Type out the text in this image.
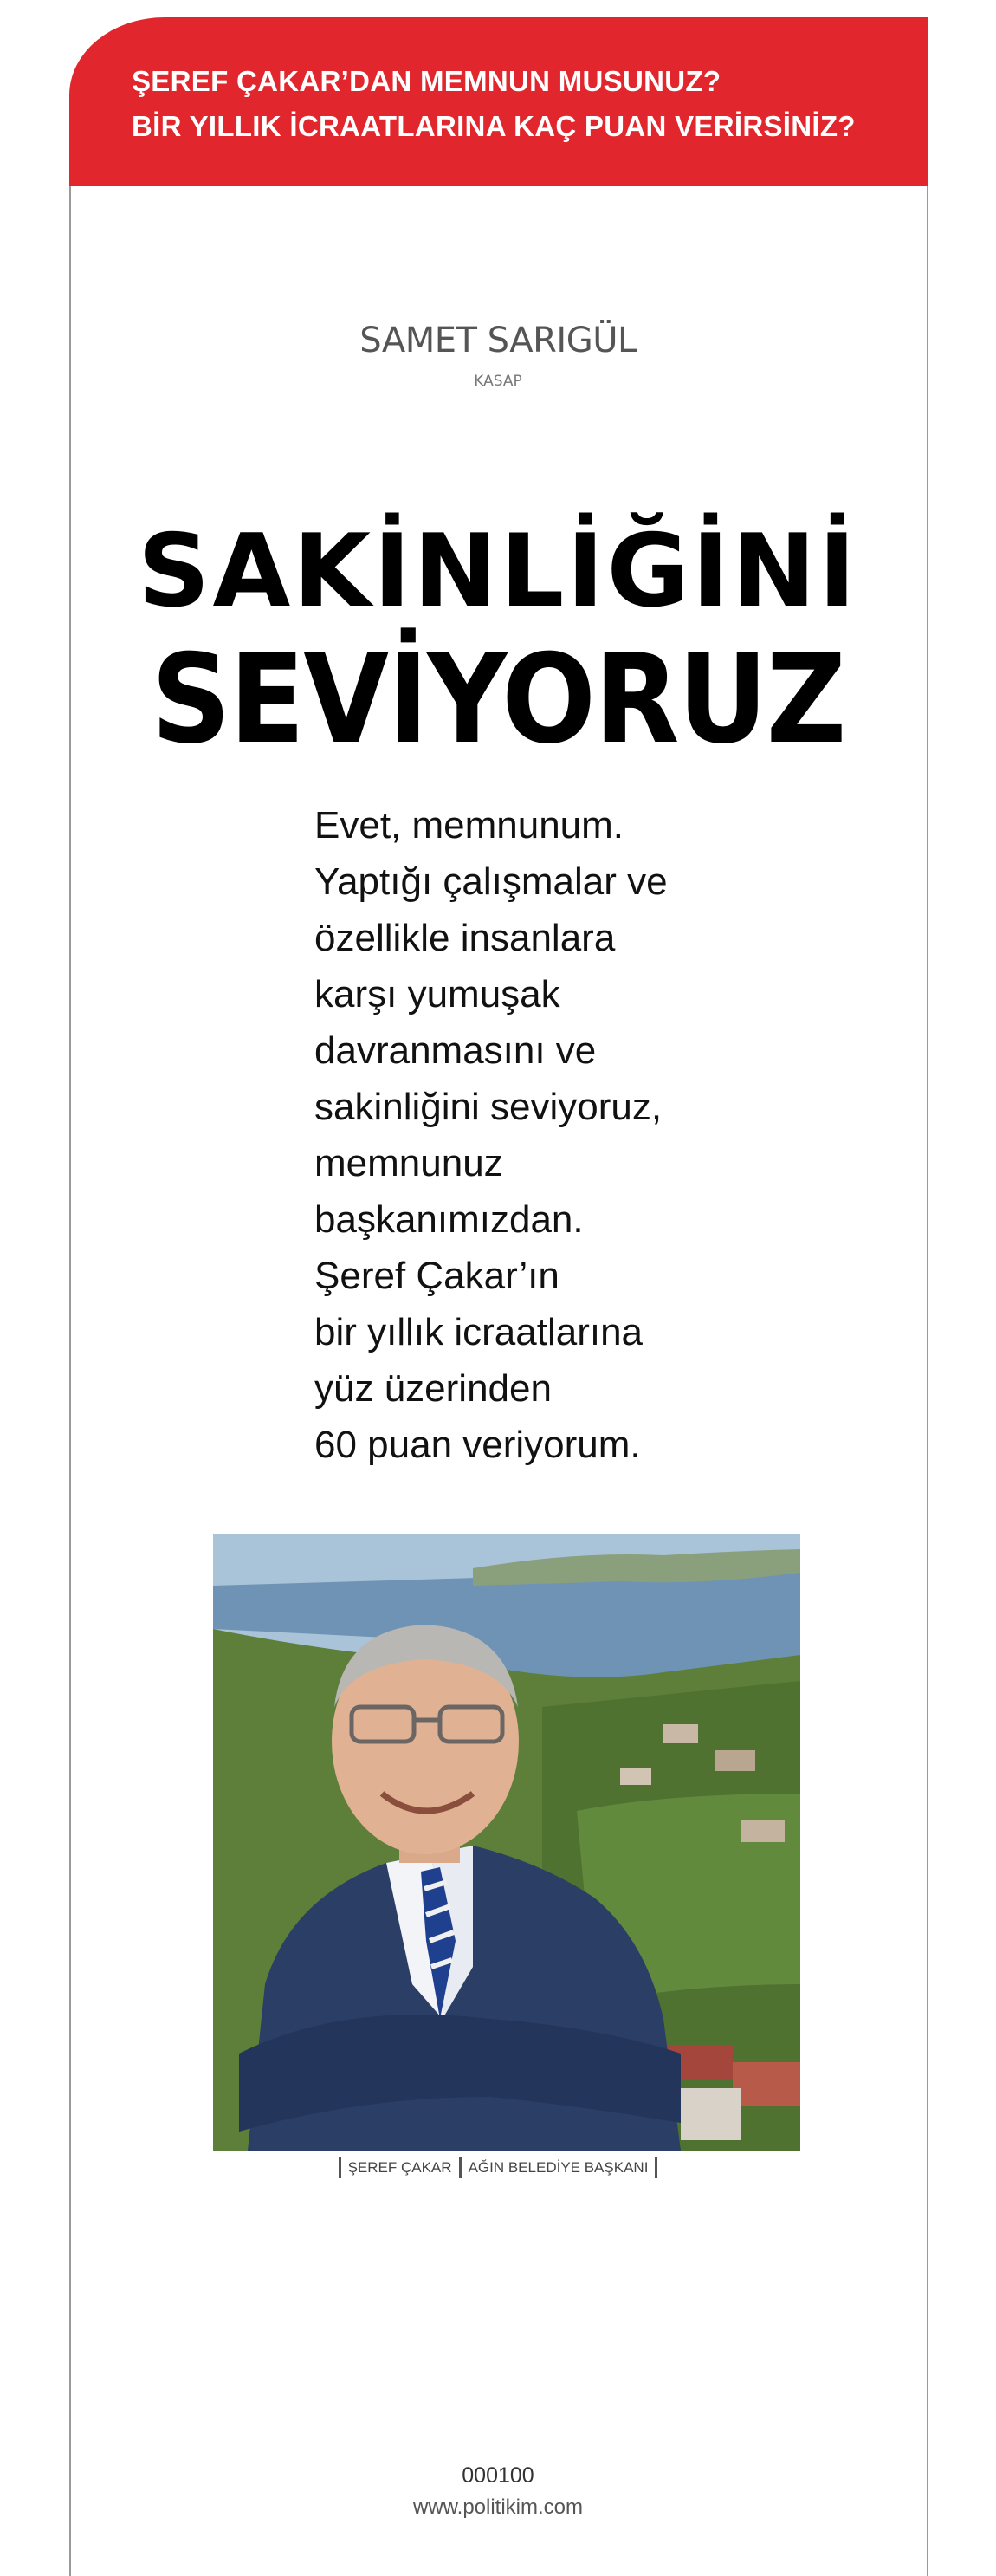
ŞEREF ÇAKAR’DAN MEMNUN MUSUNUZ?
BİR YILLIK İCRAATLARINA KAÇ PUAN VERİRSİNİZ?
SAMET SARIGÜL
KASAP
SAKİNLİĞİNİ
SEVİYORUZ
Evet, memnunum.
Yaptığı çalışmalar ve
özellikle insanlara
karşı yumuşak
davranmasını ve
sakinliğini seviyoruz,
memnunuz
başkanımızdan.
Şeref Çakar’ın
bir yıllık icraatlarına
yüz üzerinden
60 puan veriyorum.
ŞEREF ÇAKAR AĞIN BELEDİYE BAŞKANI
000100
www.politikim.com
